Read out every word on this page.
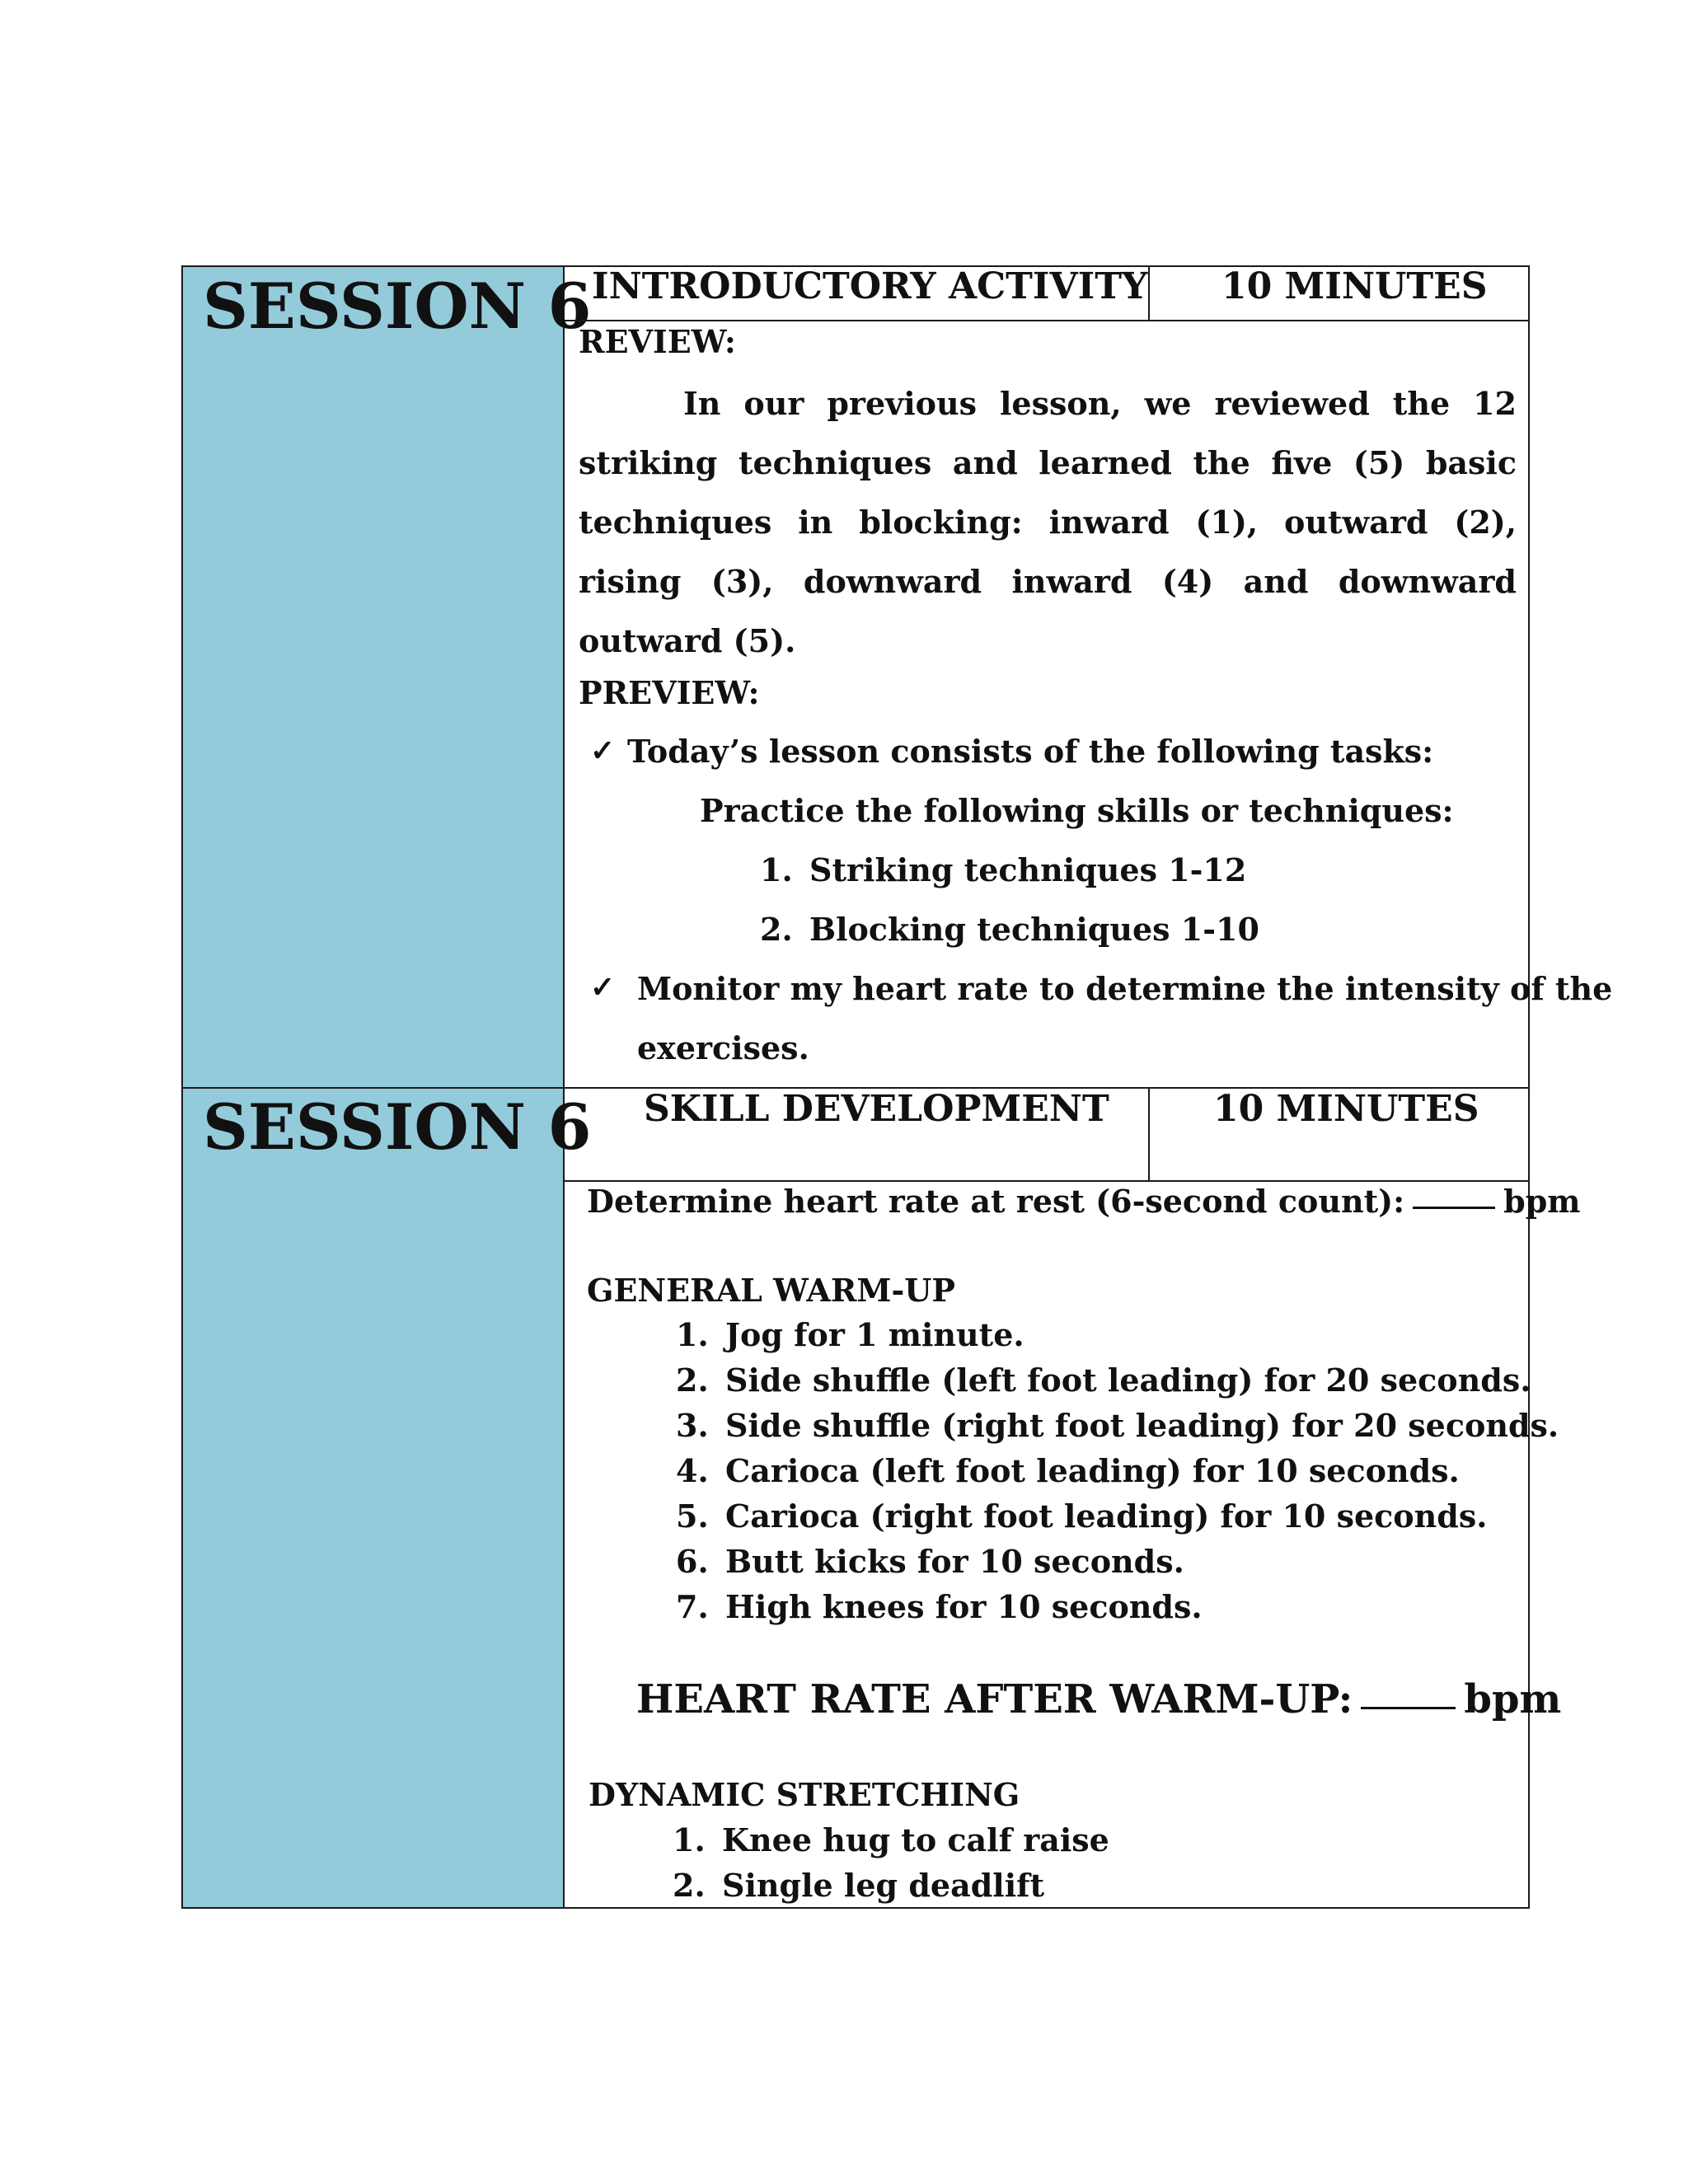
SESSION 6
SESSION 6
INTRODUCTORY ACTIVITY 10 MINUTES
REVIEW:
In our previous lesson, we reviewed the 12 striking techniques and learned the five (5) basic techniques in blocking: inward (1), outward (2), rising (3), downward inward (4) and downward outward (5).
PREVIEW:
✓ Today’s lesson consists of the following tasks:
Practice the following skills or techniques:
1. Striking techniques 1-12
2. Blocking techniques 1-10
✓ Monitor my heart rate to determine the intensity of the
exercises.
SKILL DEVELOPMENT	10 MINUTES
Determine heart rate at rest (6-second count):	bpm
GENERAL WARM-UP
1. Jog for 1 minute.
2. Side shuffle (left foot leading) for 20 seconds.
3. Side shuffle (right foot leading) for 20 seconds.
4. Carioca (left foot leading) for 10 seconds.
5. Carioca (right foot leading) for 10 seconds.
6. Butt kicks for 10 seconds.
7. High knees for 10 seconds.
HEART RATE AFTER WARM-UP:	bpm
DYNAMIC STRETCHING
1. Knee hug to calf raise
2. Single leg deadlift
